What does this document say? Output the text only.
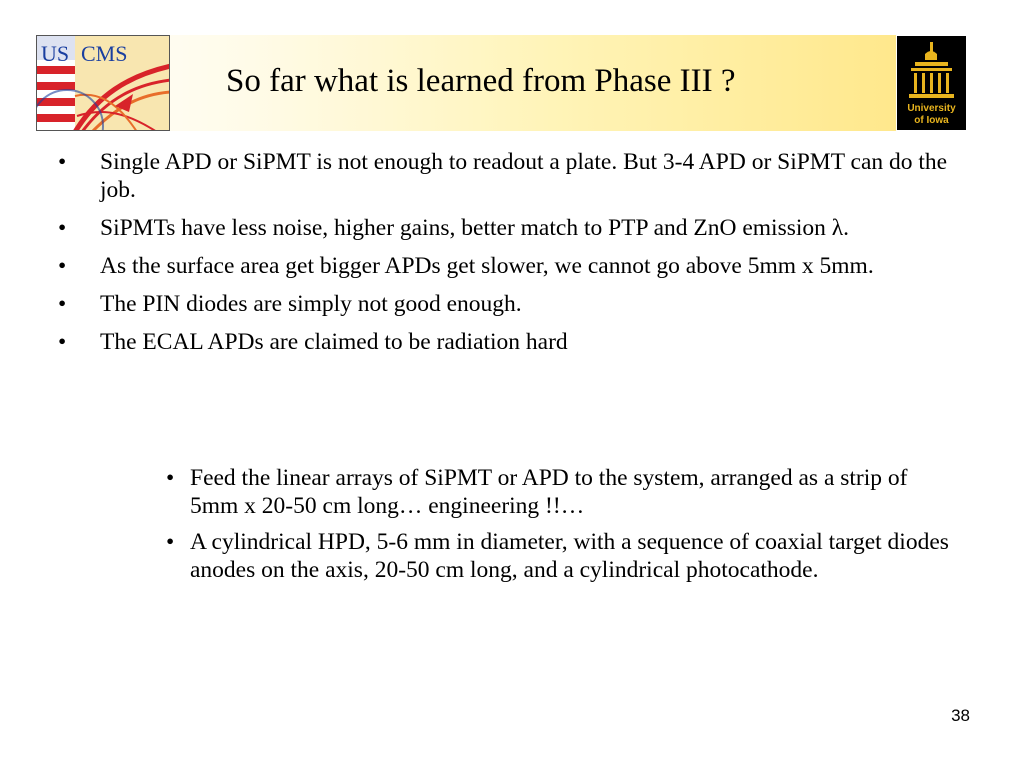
So far what is learned from Phase III ?
US CMS
University
of Iowa
• Single APD or SiPMT is not enough to readout a plate. But 3-4 APD or SiPMT can do the job.
• SiPMTs have less noise, higher gains, better match to PTP and ZnO emission λ.
• As the surface area get bigger APDs get slower, we cannot go above 5mm x 5mm.
• The PIN diodes are simply not good enough.
• The ECAL APDs are claimed to be radiation hard
• Feed the linear arrays of SiPMT or APD to the system, arranged as a strip of 5mm x 20-50 cm long… engineering !!…
• A cylindrical HPD, 5-6 mm in diameter, with a sequence of coaxial target diodes anodes on the axis, 20-50 cm long, and a cylindrical photocathode.
38
